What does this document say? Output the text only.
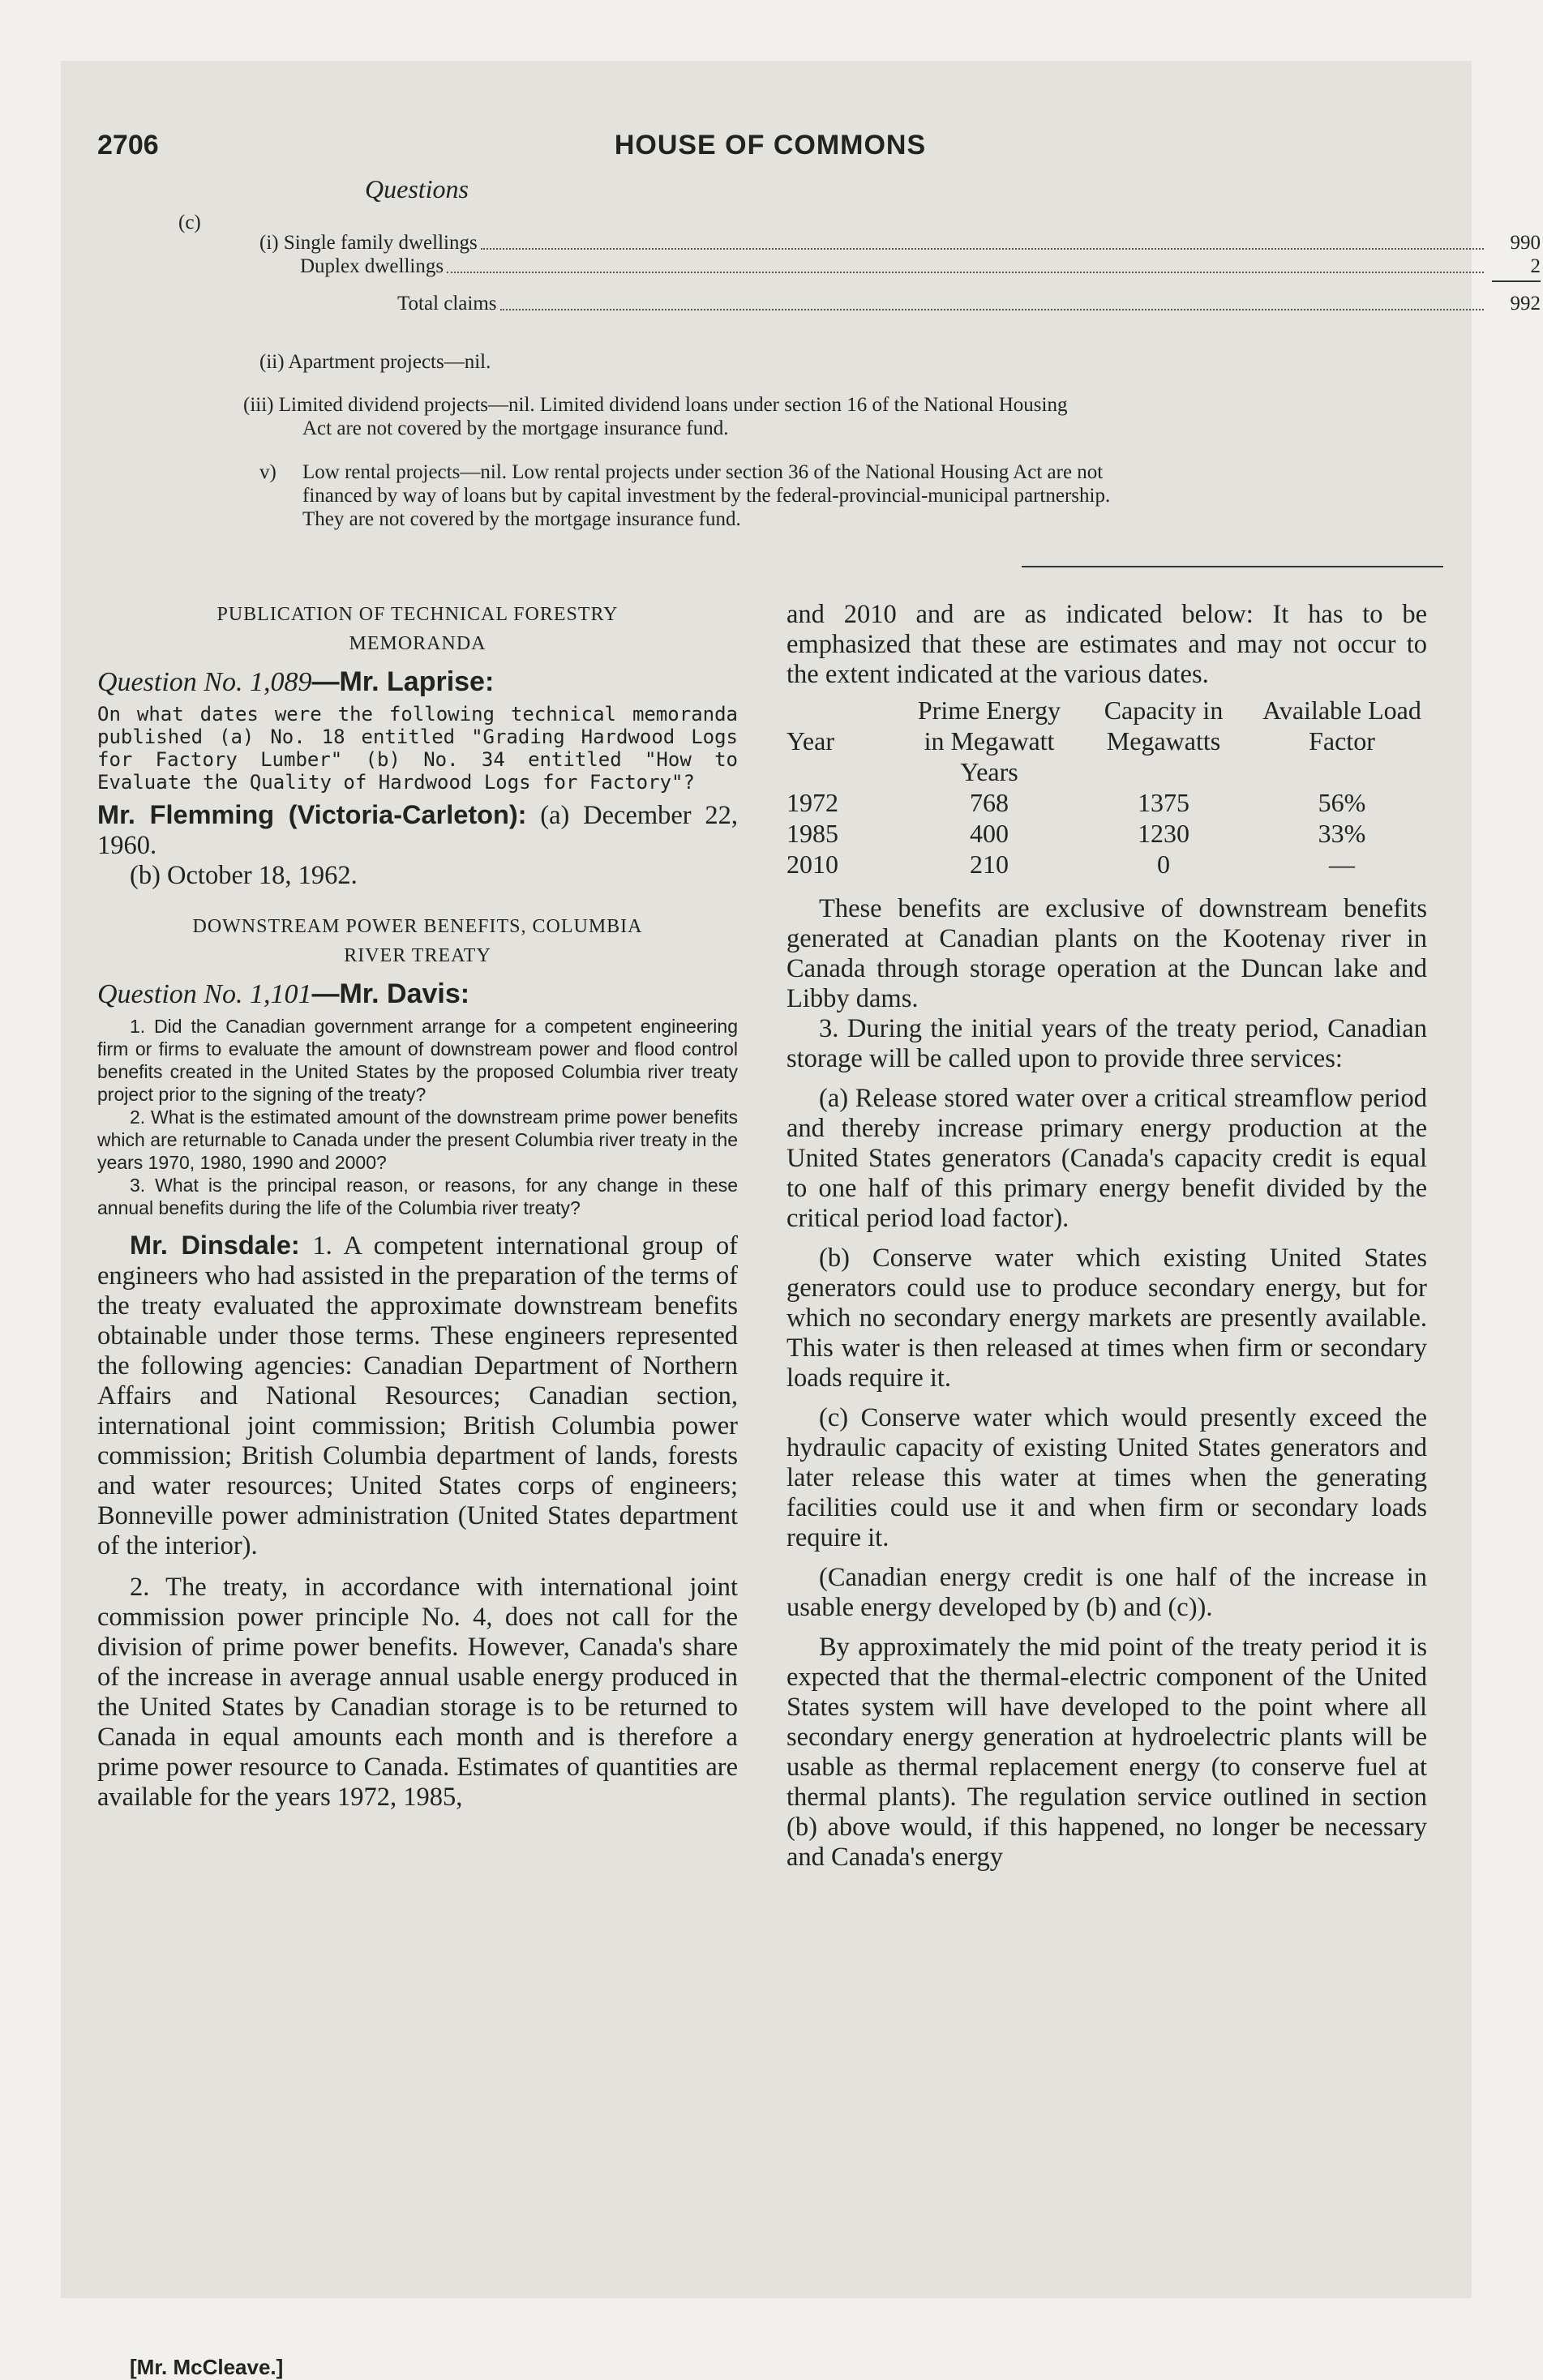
2706	HOUSE OF COMMONS
Questions
(c)
(i) Single family dwellings	990
Duplex dwellings	2
Total claims	992
(ii) Apartment projects—nil.
(iii) Limited dividend projects—nil. Limited dividend loans under section 16 of the National Housing
Act are not covered by the mortgage insurance fund.
v) Low rental projects—nil. Low rental projects under section 36 of the National Housing Act are not
financed by way of loans but by capital investment by the federal-provincial-municipal partnership.
They are not covered by the mortgage insurance fund.

PUBLICATION OF TECHNICAL FORESTRY

MEMORANDA

Question No. 1,089—Mr. Laprise:

On what dates were the following technical memoranda published (a) No. 18 entitled "Grading Hardwood Logs for Factory Lumber" (b) No. 34 entitled "How to Evaluate the Quality of Hardwood Logs for Factory"?

Mr. Flemming (Victoria-Carleton): (a) December 22, 1960.

(b) October 18, 1962.

DOWNSTREAM POWER BENEFITS, COLUMBIA

RIVER TREATY

Question No. 1,101—Mr. Davis:

1. Did the Canadian government arrange for a competent engineering firm or firms to evaluate the amount of downstream power and flood control benefits created in the United States by the proposed Columbia river treaty project prior to the signing of the treaty?

2. What is the estimated amount of the downstream prime power benefits which are returnable to Canada under the present Columbia river treaty in the years 1970, 1980, 1990 and 2000?

3. What is the principal reason, or reasons, for any change in these annual benefits during the life of the Columbia river treaty?

Mr. Dinsdale: 1. A competent international group of engineers who had assisted in the preparation of the terms of the treaty evaluated the approximate downstream benefits obtainable under those terms. These engineers represented the following agencies: Canadian Department of Northern Affairs and National Resources; Canadian section, international joint commission; British Columbia power commission; British Columbia department of lands, forests and water resources; United States corps of engineers; Bonneville power administration (United States department of the interior).

2. The treaty, in accordance with international joint commission power principle No. 4, does not call for the division of prime power benefits. However, Canada's share of the increase in average annual usable energy produced in the United States by Canadian storage is to be returned to Canada in equal amounts each month and is therefore a prime power resource to Canada. Estimates of quantities are available for the years 1972, 1985,

and 2010 and are as indicated below: It has to be emphasized that these are estimates and may not occur to the extent indicated at the various dates.

Year	Prime Energy in Megawatt Years	Capacity in Megawatts	Available Load Factor
1972	768	1375	56%
1985	400	1230	33%
2010	210	0	—

These benefits are exclusive of downstream benefits generated at Canadian plants on the Kootenay river in Canada through storage operation at the Duncan lake and Libby dams.

3. During the initial years of the treaty period, Canadian storage will be called upon to provide three services:

(a) Release stored water over a critical streamflow period and thereby increase primary energy production at the United States generators (Canada's capacity credit is equal to one half of this primary energy benefit divided by the critical period load factor).

(b) Conserve water which existing United States generators could use to produce secondary energy, but for which no secondary energy markets are presently available. This water is then released at times when firm or secondary loads require it.

(c) Conserve water which would presently exceed the hydraulic capacity of existing United States generators and later release this water at times when the generating facilities could use it and when firm or secondary loads require it.

(Canadian energy credit is one half of the increase in usable energy developed by (b) and (c)).

By approximately the mid point of the treaty period it is expected that the thermal-electric component of the United States system will have developed to the point where all secondary energy generation at hydroelectric plants will be usable as thermal replacement energy (to conserve fuel at thermal plants). The regulation service outlined in section (b) above would, if this happened, no longer be necessary and Canada's energy

[Mr. McCleave.]
